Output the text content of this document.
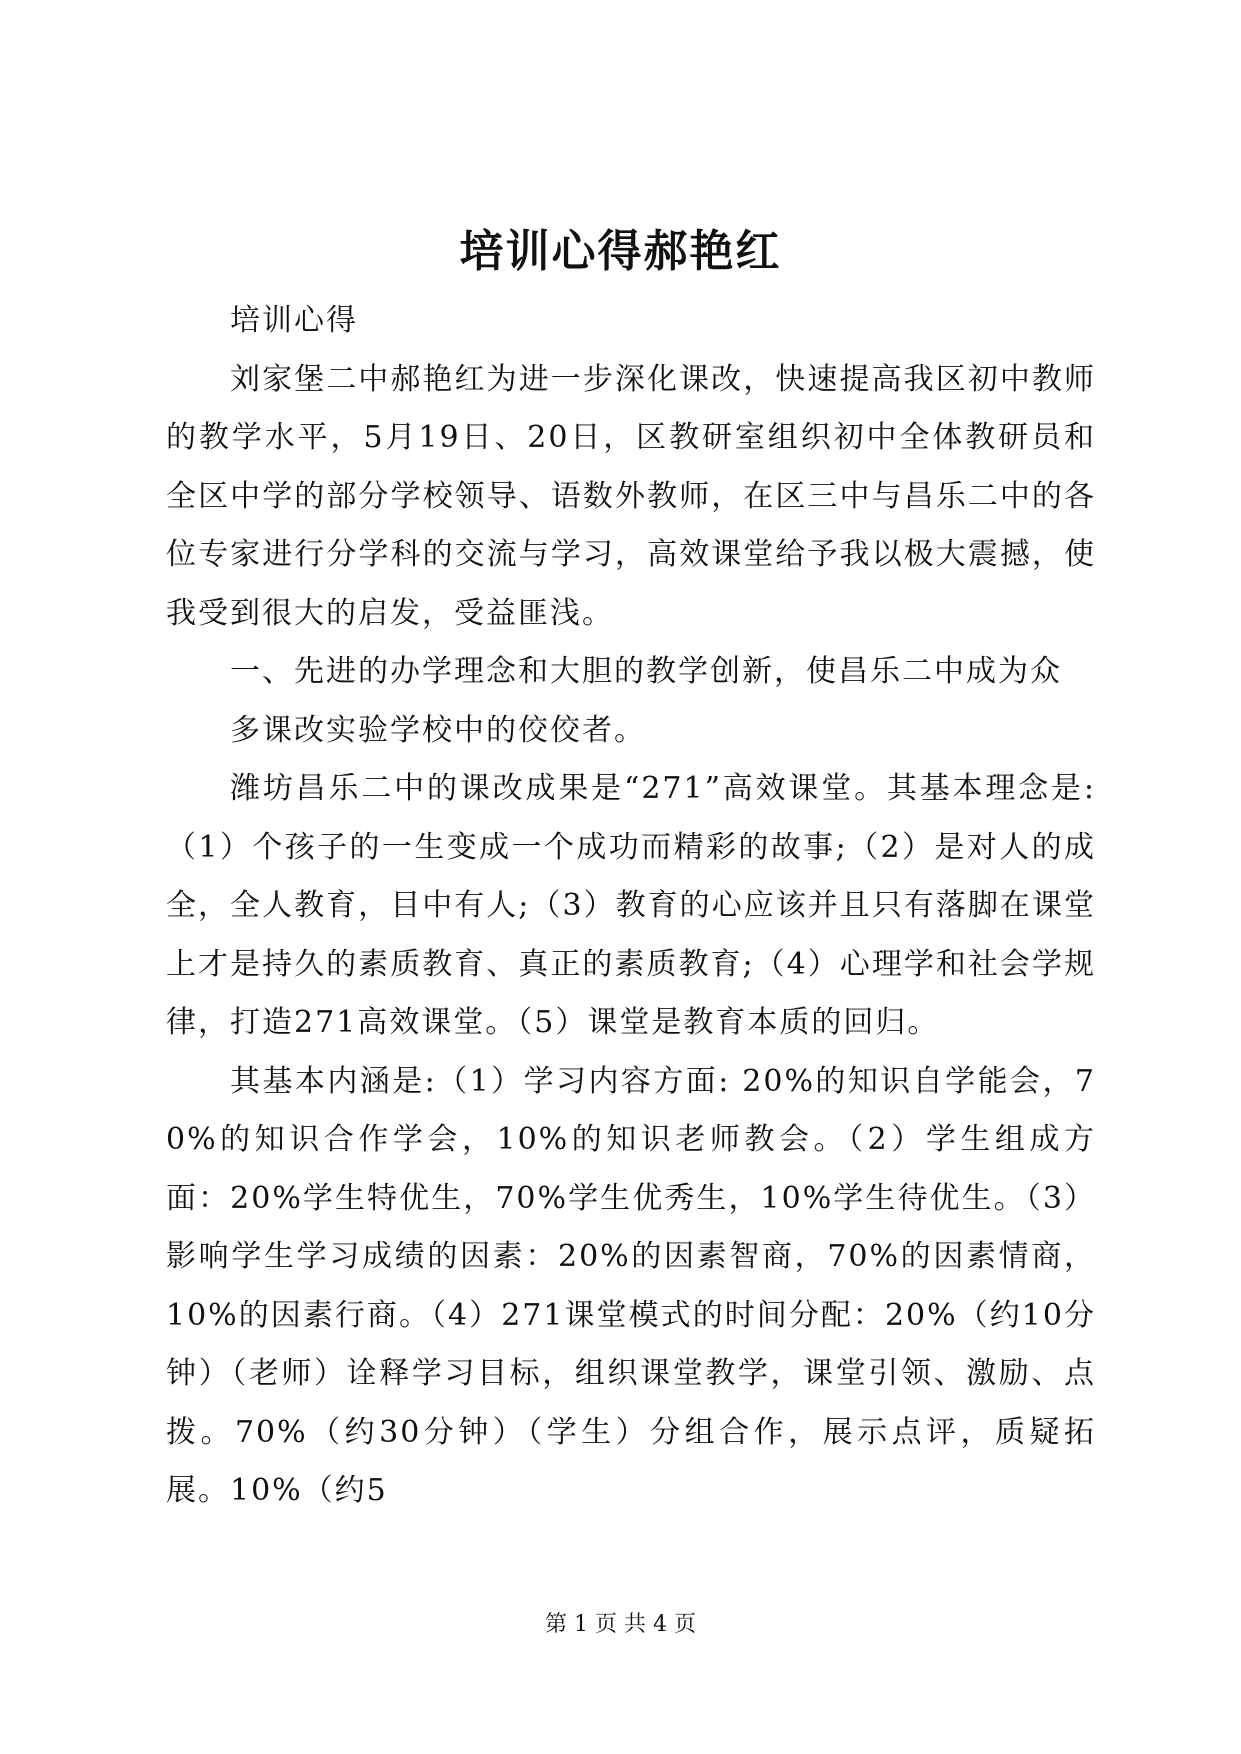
培训心得郝艳红

培训心得

刘家堡二中郝艳红为进一步深化课改，快速提高我区初中教师的教学水平，5月19日、20日，区教研室组织初中全体教研员和全区中学的部分学校领导、语数外教师，在区三中与昌乐二中的各位专家进行分学科的交流与学习，高效课堂给予我以极大震撼，使我受到很大的启发，受益匪浅。

一、先进的办学理念和大胆的教学创新，使昌乐二中成为众

多课改实验学校中的佼佼者。

潍坊昌乐二中的课改成果是“271”高效课堂。其基本理念是:（1）个孩子的一生变成一个成功而精彩的故事;（2）是对人的成全，全人教育，目中有人;（3）教育的心应该并且只有落脚在课堂上才是持久的素质教育、真正的素质教育;（4）心理学和社会学规律，打造271高效课堂。（5）课堂是教育本质的回归。

其基本内涵是:（1）学习内容方面: 20%的知识自学能会，70%的知识合作学会，10%的知识老师教会。（2）学生组成方面：20%学生特优生，70%学生优秀生，10%学生待优生。（3）影响学生学习成绩的因素：20%的因素智商，70%的因素情商，10%的因素行商。（4）271课堂模式的时间分配：20%（约10分钟）（老师）诠释学习目标，组织课堂教学，课堂引领、激励、点拨。70%（约30分钟）（学生）分组合作，展示点评，质疑拓展。10%（约5

第 1 页 共 4 页
